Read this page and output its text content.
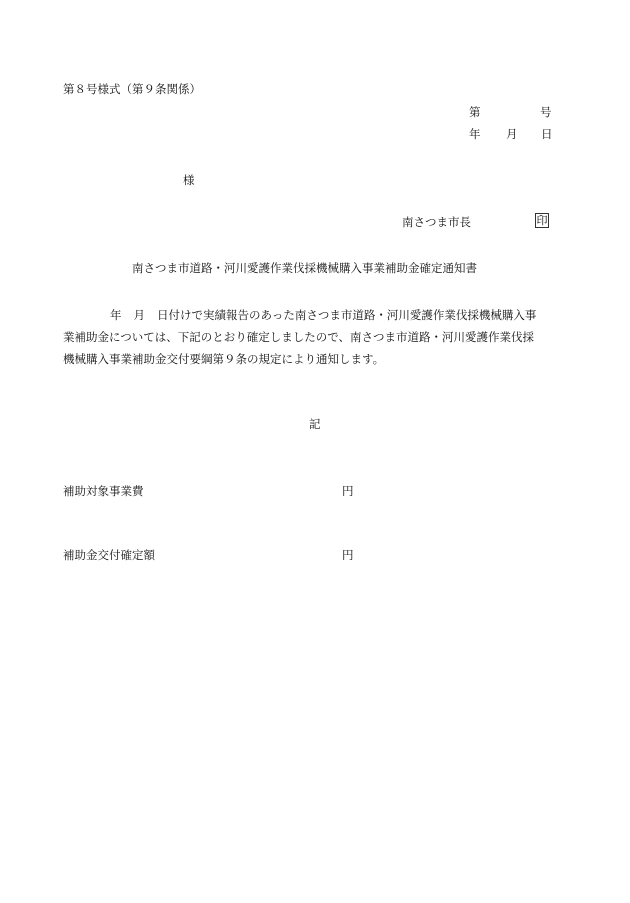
第８号様式（第９条関係）
第	号
年 月 日
様
南さつま市長	印
南さつま市道路・河川愛護作業伐採機械購入事業補助金確定通知書
年 月 日付けで実績報告のあった南さつま市道路・河川愛護作業伐採機械購入事
業補助金については、下記のとおり確定しましたので、南さつま市道路・河川愛護作業伐採
機械購入事業補助金交付要綱第９条の規定により通知します。
記
補助対象事業費	円
補助金交付確定額	円
